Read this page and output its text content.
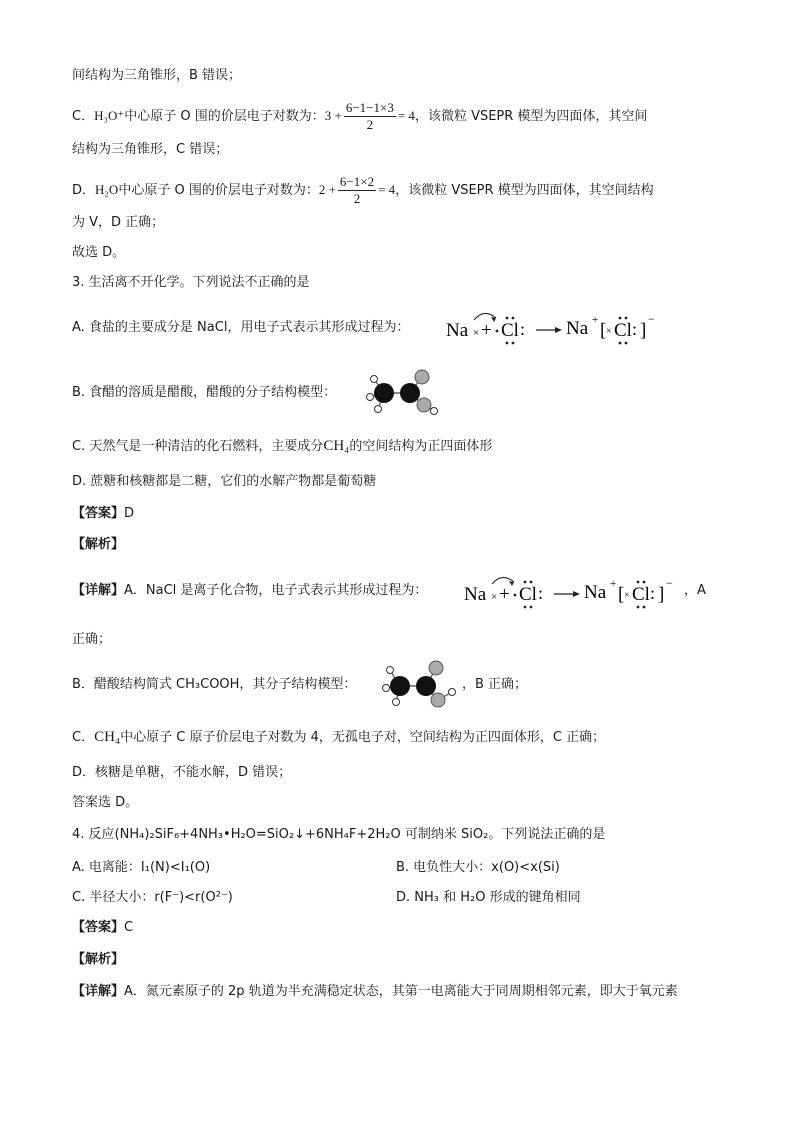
间结构为三角锥形，B 错误；
C．H₃O⁺中心原子 O 围的价层电子对数为：$3 + \frac{6-1-1\times 3}{2} = 4$，该微粒 VSEPR 模型为四面体，其空间
结构为三角锥形，C 错误；
D．H₂O中心原子 O 围的价层电子对数为：$2 + \frac{6-1\times 2}{2} = 4$，该微粒 VSEPR 模型为四面体，其空间结构
为 V，D 正确；
故选 D。
3. 生活离不开化学。下列说法不正确的是
A. 食盐的主要成分是 NaCl，用电子式表示其形成过程为： Na × + Cl : Na + [ × Cl : ]
−
B. 食醋的溶质是醋酸，醋酸的分子结构模型：
C. 天然气是一种清洁的化石燃料，主要成分CH₄的空间结构为正四面体形
D. 蔗糖和核糖都是二糖，它们的水解产物都是葡萄糖
【答案】D
【解析】
【详解】A．NaCl 是离子化合物，电子式表示其形成过程为： Na × + Cl : Na + [ × Cl : ]
− ，A
正确；
B．醋酸结构简式 CH₃COOH，其分子结构模型：	，B 正确；
C．CH₄中心原子 C 原子价层电子对数为 4，无孤电子对，空间结构为正四面体形，C 正确；
D．核糖是单糖，不能水解，D 错误；
答案选 D。
4. 反应(NH₄)₂SiF₆+4NH₃•H₂O=SiO₂↓+6NH₄F+2H₂O 可制纳米 SiO₂。下列说法正确的是
A. 电离能：I₁(N)<I₁(O)	B. 电负性大小：x(O)<x(Si)
C. 半径大小：r(F⁻)<r(O²⁻)	D. NH₃ 和 H₂O 形成的键角相同
【答案】C
【解析】
【详解】A．氮元素原子的 2p 轨道为半充满稳定状态，其第一电离能大于同周期相邻元素，即大于氧元素
